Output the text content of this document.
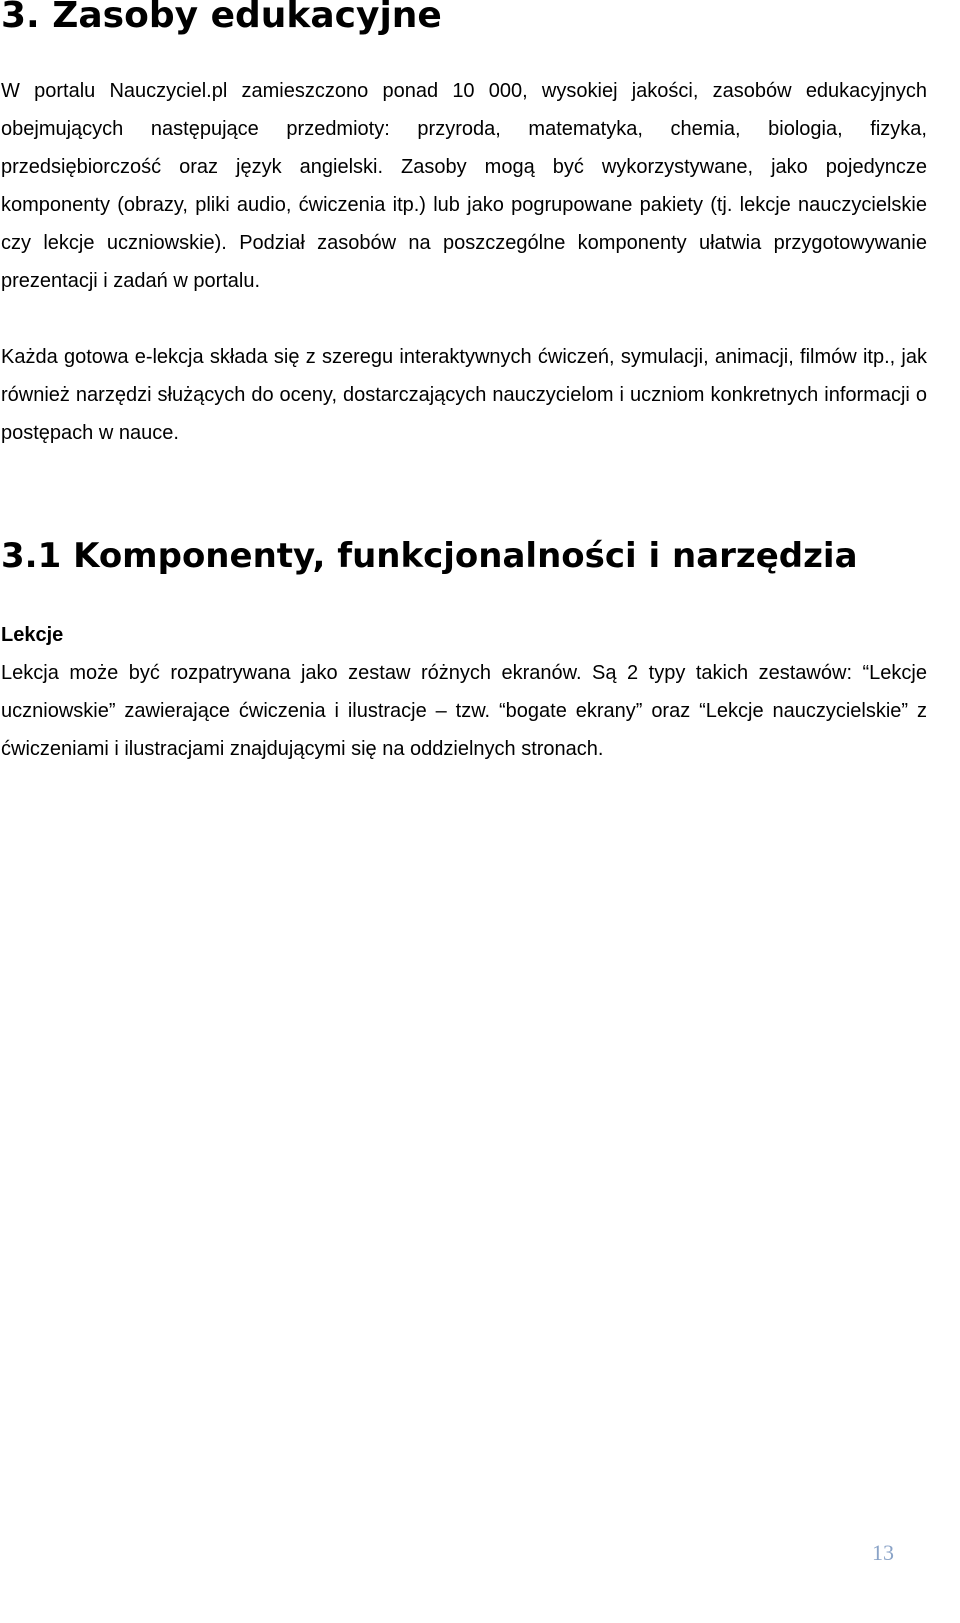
3. Zasoby edukacyjne

W portalu Nauczyciel.pl zamieszczono ponad 10 000, wysokiej jakości, zasobów edukacyjnych obejmujących następujące przedmioty: przyroda, matematyka, chemia, biologia, fizyka, przedsiębiorczość oraz język angielski. Zasoby mogą być wykorzystywane, jako pojedyncze komponenty (obrazy, pliki audio, ćwiczenia itp.) lub jako pogrupowane pakiety (tj. lekcje nauczycielskie czy lekcje uczniowskie). Podział zasobów na poszczególne komponenty ułatwia przygotowywanie prezentacji i zadań w portalu.

Każda gotowa e-lekcja składa się z szeregu interaktywnych ćwiczeń, symulacji, animacji, filmów itp., jak również narzędzi służących do oceny, dostarczających nauczycielom i uczniom konkretnych informacji o postępach w nauce.

3.1 Komponenty, funkcjonalności i narzędzia
Lekcje

Lekcja może być rozpatrywana jako zestaw różnych ekranów. Są 2 typy takich zestawów: “Lekcje uczniowskie” zawierające ćwiczenia i ilustracje – tzw. “bogate ekrany” oraz “Lekcje nauczycielskie” z ćwiczeniami i ilustracjami znajdującymi się na oddzielnych stronach.

13
